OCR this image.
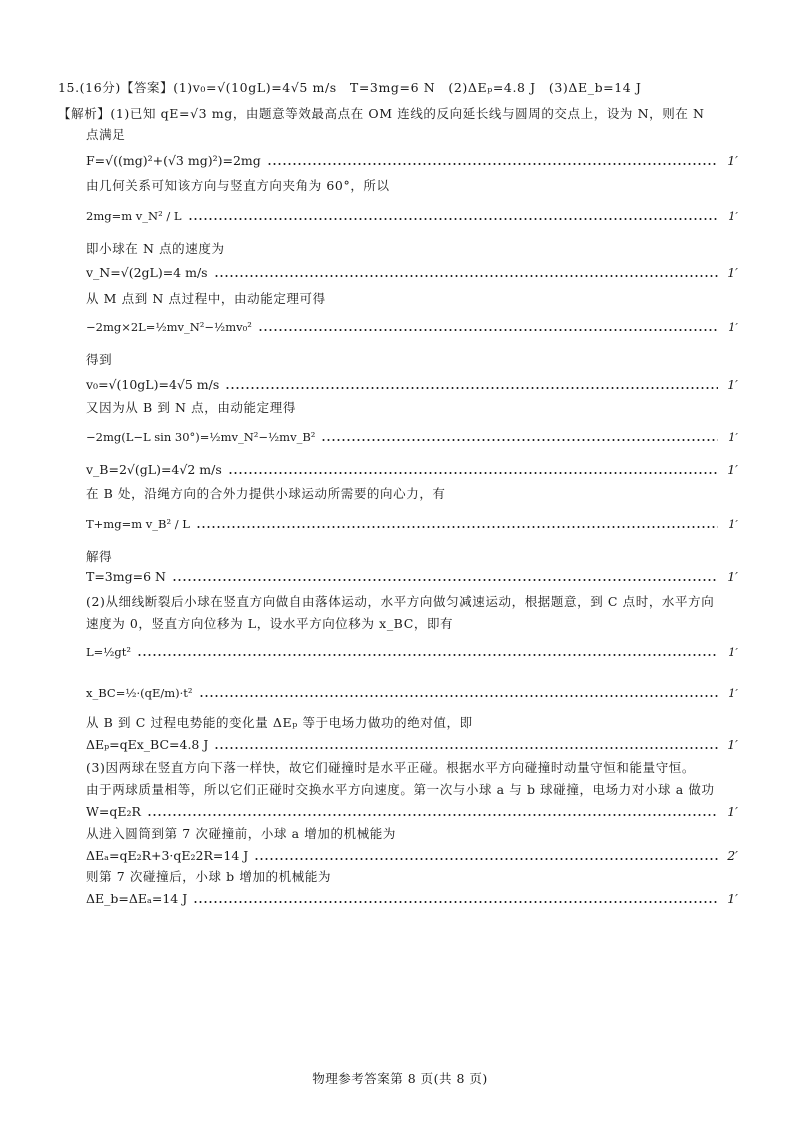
15.(16分)【答案】(1)v₀=√(10gL)=4√5 m/s　T=3mg=6 N　(2)ΔEₚ=4.8 J　(3)ΔE_b=14 J
【解析】(1)已知 qE=√3 mg，由题意等效最高点在 OM 连线的反向延长线与圆周的交点上，设为 N，则在 N
点满足
F=√((mg)²+(√3 mg)²)=2mg	1′
由几何关系可知该方向与竖直方向夹角为 60°，所以
2mg=m v_N² / L	1′
即小球在 N 点的速度为
v_N=√(2gL)=4 m/s	1′
从 M 点到 N 点过程中，由动能定理可得
−2mg×2L=½mv_N²−½mv₀²	1′
得到
v₀=√(10gL)=4√5 m/s	1′
又因为从 B 到 N 点，由动能定理得
−2mg(L−L sin 30°)=½mv_N²−½mv_B²	1′
v_B=2√(gL)=4√2 m/s	1′
在 B 处，沿绳方向的合外力提供小球运动所需要的向心力，有
T+mg=m v_B² / L	1′
解得
T=3mg=6 N	1′
(2)从细线断裂后小球在竖直方向做自由落体运动，水平方向做匀减速运动，根据题意，到 C 点时，水平方向
速度为 0，竖直方向位移为 L，设水平方向位移为 x_BC，即有
L=½gt²	1′
x_BC=½·(qE/m)·t²	1′
从 B 到 C 过程电势能的变化量 ΔEₚ 等于电场力做功的绝对值，即
ΔEₚ=qEx_BC=4.8 J	1′
(3)因两球在竖直方向下落一样快，故它们碰撞时是水平正碰。根据水平方向碰撞时动量守恒和能量守恒。
由于两球质量相等，所以它们正碰时交换水平方向速度。第一次与小球 a 与 b 球碰撞，电场力对小球 a 做功
W=qE₂R	1′
从进入圆筒到第 7 次碰撞前，小球 a 增加的机械能为
ΔEₐ=qE₂R+3·qE₂2R=14 J	2′
则第 7 次碰撞后，小球 b 增加的机械能为
ΔE_b=ΔEₐ=14 J	1′
物理参考答案第 8 页(共 8 页)
